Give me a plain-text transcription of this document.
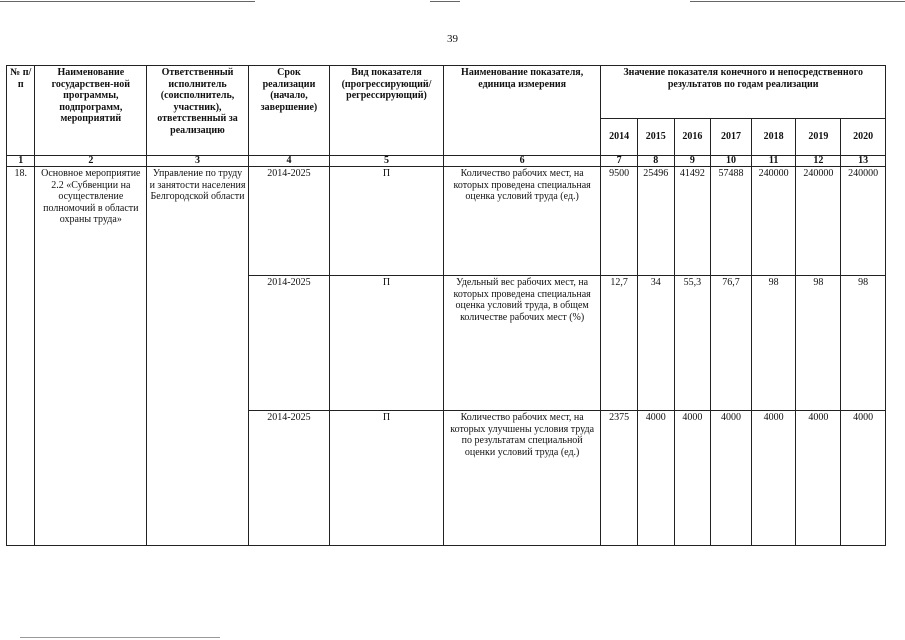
39
№ п/п	Наименование государствен-ной программы, подпрограмм, мероприятий	Ответственный исполнитель (соисполнитель, участник), ответственный за реализацию	Срок реализации (начало, завершение)	Вид показателя (прогрессирующий/ регрессирующий)	Наименование показателя, единица измерения	Значение показателя конечного и непосредственного результатов по годам реализации						
						2014	2015	2016	2017	2018	2019	2020
1	2	3	4	5	6	7	8	9	10	11	12	13
18.	Основное мероприятие 2.2 «Субвенции на осуществление полномочий в области охраны труда»	Управление по труду и занятости населения Белгородской области	2014-2025	П	Количество рабочих мест, на которых проведена специальная оценка условий труда (ед.)	9500	25496	41492	57488	240000	240000	240000
			2014-2025	П	Удельный вес рабочих мест, на которых проведена специальная оценка условий труда, в общем количестве рабочих мест (%)	12,7	34	55,3	76,7	98	98	98
			2014-2025	П	Количество рабочих мест, на которых улучшены условия труда по результатам специальной оценки условий труда (ед.)	2375	4000	4000	4000	4000	4000	4000
